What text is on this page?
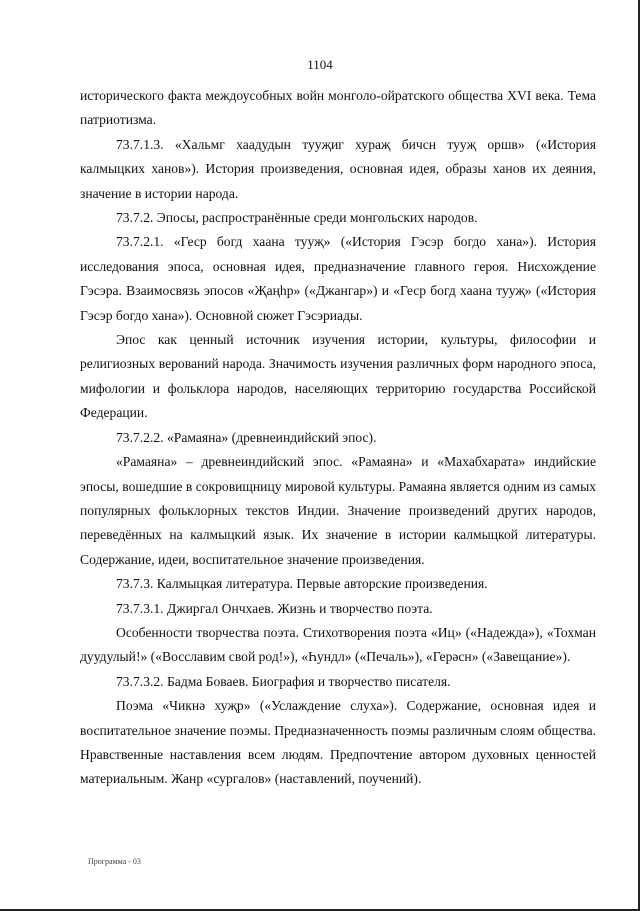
1104

исторического факта междоусобных войн монголо-ойратского общества XVI века. Тема патриотизма.

73.7.1.3. «Хальмг хаадудын тууҗиг хураҗ бичсн тууҗ оршв» («История калмыцких ханов»). История произведения, основная идея, образы ханов их деяния, значение в истории народа.

73.7.2. Эпосы, распространённые среди монгольских народов.

73.7.2.1. «Геср богд хаана тууҗ» («История Гэсэр богдо хана»). История исследования эпоса, основная идея, предназначение главного героя. Нисхождение Гэсэра. Взаимосвязь эпосов «Җаңһр» («Джангар») и «Геср богд хаана тууҗ» («История Гэсэр богдо хана»). Основной сюжет Гэсэриады.

Эпос как ценный источник изучения истории, культуры, философии и религиозных верований народа. Значимость изучения различных форм народного эпоса, мифологии и фольклора народов, населяющих территорию государства Российской Федерации.

73.7.2.2. «Рамаяна» (древнеиндийский эпос).

«Рамаяна» – древнеиндийский эпос. «Рамаяна» и «Махабхарата» индийские эпосы, вошедшие в сокровищницу мировой культуры. Рамаяна является одним из самых популярных фольклорных текстов Индии. Значение произведений других народов, переведённых на калмыцкий язык. Их значение в истории калмыцкой литературы. Содержание, идеи, воспитательное значение произведения.

73.7.3. Калмыцкая литература. Первые авторские произведения.

73.7.3.1. Джиргал Ончхаев. Жизнь и творчество поэта.

Особенности творчества поэта. Стихотворения поэта «Иц» («Надежда»), «Тохман дуудулый!» («Восславим свой род!»), «Һундл» («Печаль»), «Герәсн» («Завещание»).

73.7.3.2. Бадма Боваев. Биография и творчество писателя.

Поэма «Чикнә хуҗр» («Услаждение слуха»). Содержание, основная идея и воспитательное значение поэмы. Предназначенность поэмы различным слоям общества. Нравственные наставления всем людям. Предпочтение автором духовных ценностей материальным. Жанр «сургалов» (наставлений, поучений).

Программа - 03
